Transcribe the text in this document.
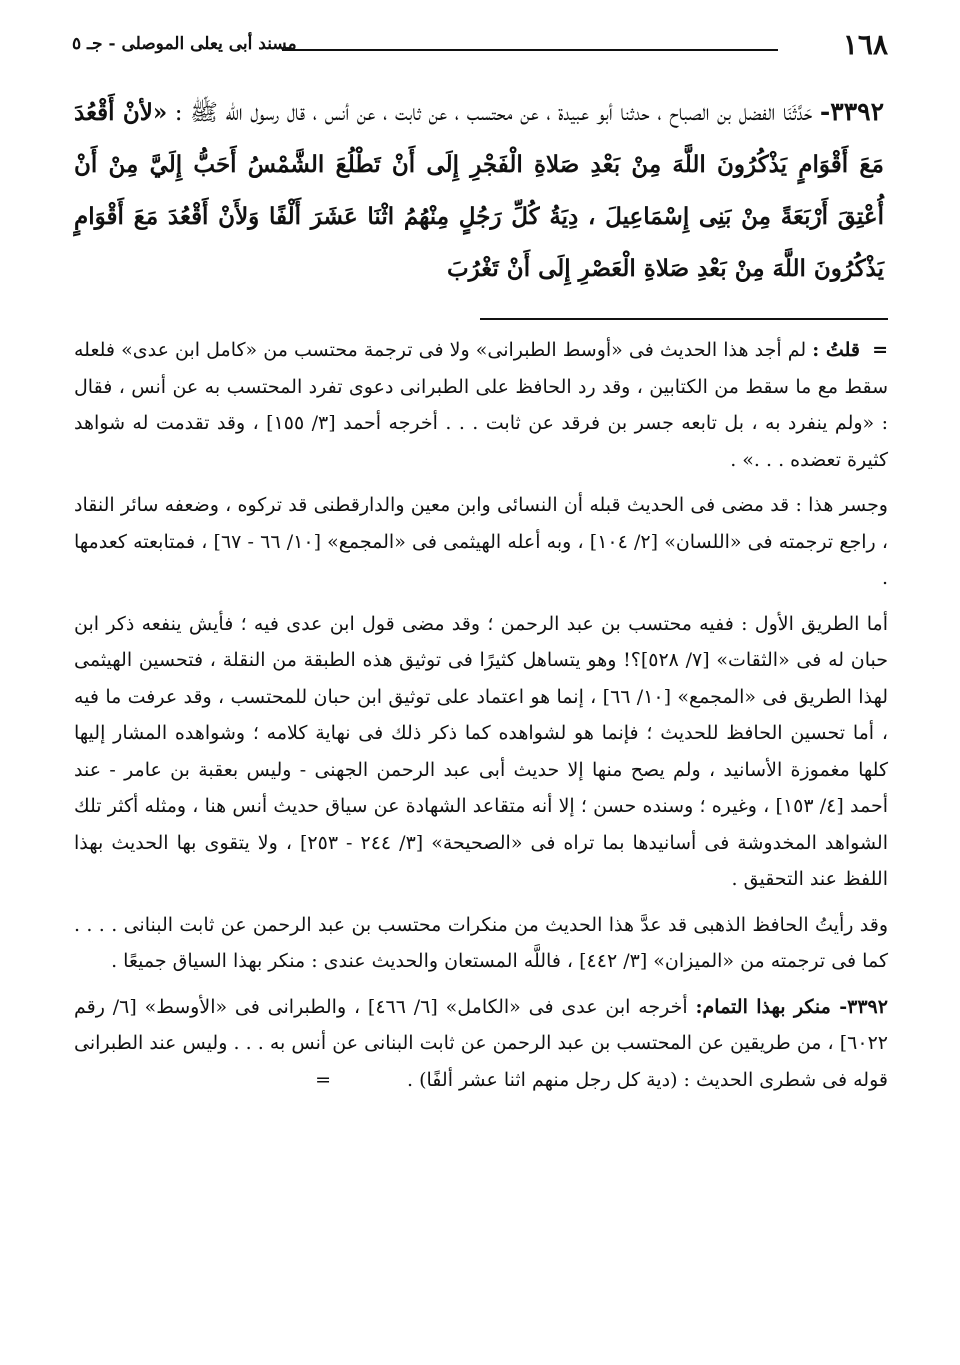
١٦٨
مسند أبى يعلى الموصلى - جـ ٥
٣٣٩٢- حَدَّثَنَا الفضل بن الصباح ، حدثنا أبو عبيدة ، عن محتسب ، عن ثابت ، عن أنس ، قال رسول الله ﷺ : «لأنْ أَقْعُدَ مَعَ أَقْوَامٍ يَذْكُرُونَ اللَّهَ مِنْ بَعْدِ صَلاةِ الْفَجْرِ إِلَى أَنْ تَطْلُعَ الشَّمْسُ أَحَبُّ إِلَيَّ مِنْ أَنْ أُعْتِقَ أَرْبَعَةً مِنْ بَنِى إِسْمَاعِيلَ ، دِيَةُ كُلِّ رَجُلٍ مِنْهُمُ اثْنَا عَشَرَ أَلْفًا وَلأَنْ أَقْعُدَ مَعَ أَقْوَامٍ يَذْكُرُونَ اللَّهَ مِنْ بَعْدِ صَلاةِ الْعَصْرِ إِلَى أَنْ تَغْرُبَ

= قلتُ : لم أجد هذا الحديث فى «أوسط الطبرانى» ولا فى ترجمة محتسب من «كامل ابن عدى» فلعله سقط مع ما سقط من الكتابين ، وقد رد الحافظ على الطبرانى دعوى تفرد المحتسب به عن أنس ، فقال : «ولم ينفرد به ، بل تابعه جسر بن فرقد عن ثابت . . . أخرجه أحمد [٣/ ١٥٥] ، وقد تقدمت له شواهد كثيرة تعضده . . .» .

وجسر هذا : قد مضى فى الحديث قبله أن النسائى وابن معين والدارقطنى قد تركوه ، وضعفه سائر النقاد ، راجع ترجمته فى «اللسان» [٢/ ١٠٤] ، وبه أعله الهيثمى فى «المجمع» [١٠/ ٦٦ - ٦٧] ، فمتابعته كعدمها .

أما الطريق الأول : ففيه محتسب بن عبد الرحمن ؛ وقد مضى قول ابن عدى فيه ؛ فأيش ينفعه ذكر ابن حبان له فى «الثقات» [٧/ ٥٢٨]؟! وهو يتساهل كثيرًا فى توثيق هذه الطبقة من النقلة ، فتحسين الهيثمى لهذا الطريق فى «المجمع» [١٠/ ٦٦] ، إنما هو اعتماد على توثيق ابن حبان للمحتسب ، وقد عرفت ما فيه ، أما تحسين الحافظ للحديث ؛ فإنما هو لشواهده كما ذكر ذلك فى نهاية كلامه ؛ وشواهده المشار إليها كلها مغموزة الأسانيد ، ولم يصح منها إلا حديث أبى عبد الرحمن الجهنى - وليس بعقبة بن عامر - عند أحمد [٤/ ١٥٣] ، وغيره ؛ وسنده حسن ؛ إلا أنه متقاعد الشهادة عن سياق حديث أنس هنا ، ومثله أكثر تلك الشواهد المخدوشة فى أسانيدها بما تراه فى «الصحيحة» [٣/ ٢٤٤ - ٢٥٣] ، ولا يتقوى بها الحديث بهذا اللفظ عند التحقيق .

وقد رأيتُ الحافظ الذهبى قد عدَّ هذا الحديث من منكرات محتسب بن عبد الرحمن عن ثابت البنانى . . . . كما فى ترجمته من «الميزان» [٣/ ٤٤٢] ، فاللَّه المستعان والحديث عندى : منكر بهذا السياق جميعًا .

٣٣٩٢- منكر بهذا التمام: أخرجه ابن عدى فى «الكامل» [٦/ ٤٦٦] ، والطبرانى فى «الأوسط» [٦/ رقم ٦٠٢٢] ، من طريقين عن المحتسب بن عبد الرحمن عن ثابت البنانى عن أنس به . . . وليس عند الطبرانى قوله فى شطرى الحديث : (دية كل رجل منهم اثنا عشر ألفًا) . =
